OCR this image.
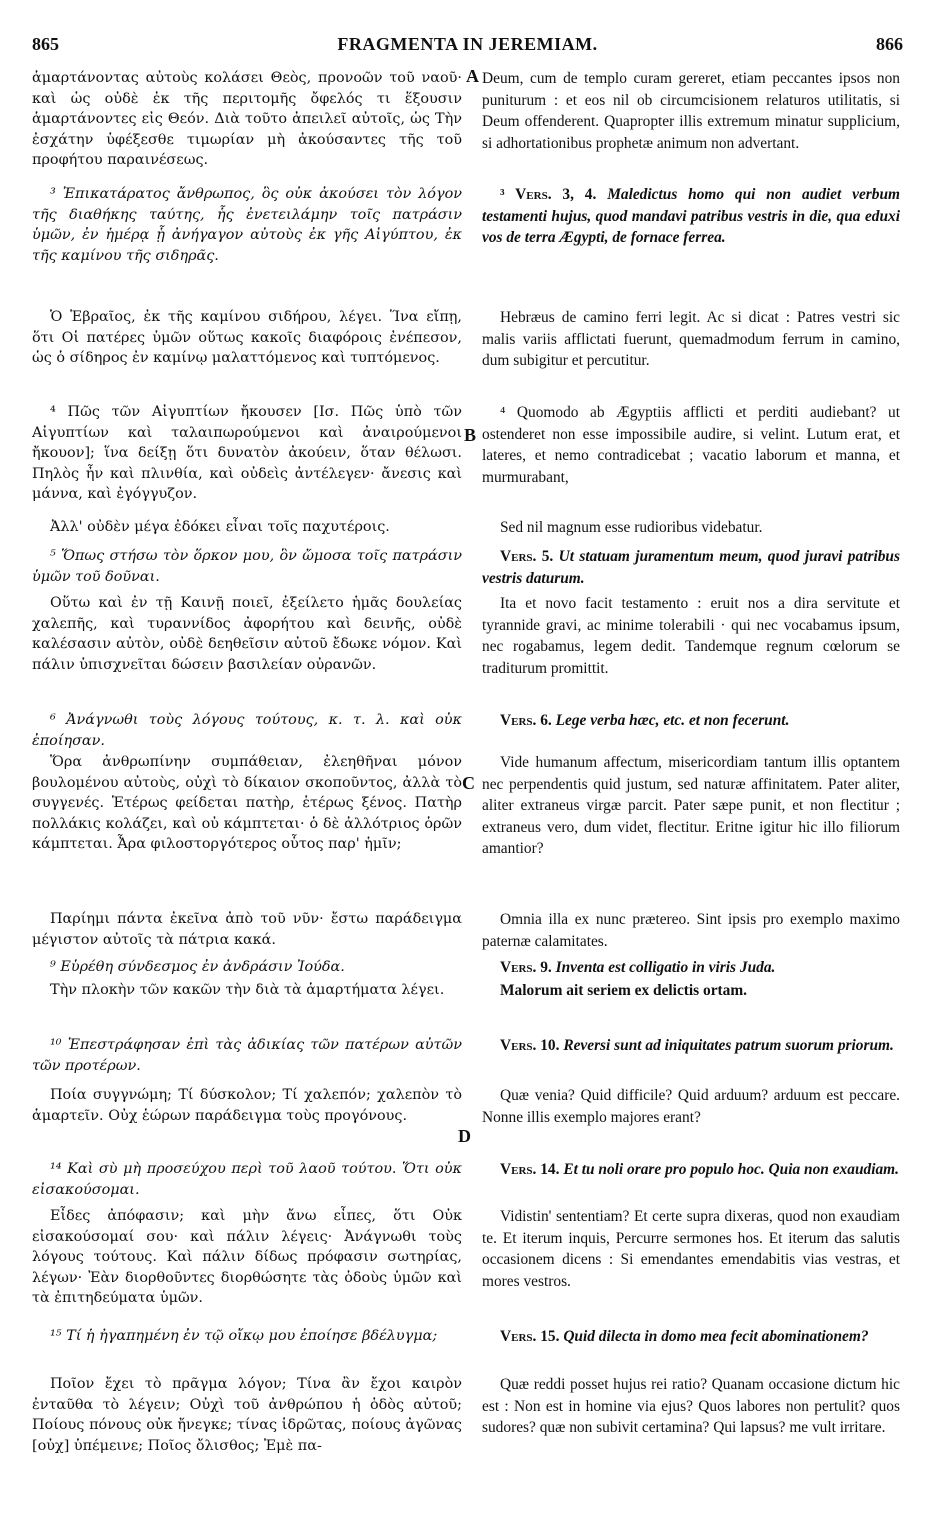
865	FRAGMENTA IN JEREMIAM.	866
A
B
C
D

ἁμαρτάνοντας αὐτοὺς κολάσει Θεὸς, προνοῶν τοῦ ναοῦ· καὶ ὡς οὐδὲ ἐκ τῆς περιτομῆς ὄφελός τι ἕξουσιν ἁμαρτάνοντες εἰς Θεόν. Διὰ τοῦτο ἀπειλεῖ αὐτοῖς, ὡς Τὴν ἐσχάτην ὑφέξεσθε τιμωρίαν μὴ ἀκούσαντες τῆς τοῦ προφήτου παραινέσεως.

³ Ἐπικατάρατος ἄνθρωπος, ὃς οὐκ ἀκούσει τὸν λόγον τῆς διαθήκης ταύτης, ἧς ἐνετειλάμην τοῖς πατράσιν ὑμῶν, ἐν ἡμέρᾳ ᾗ ἀνήγαγον αὐτοὺς ἐκ γῆς Αἰγύπτου, ἐκ τῆς καμίνου τῆς σιδηρᾶς.

Ὁ Ἑβραῖος, ἐκ τῆς καμίνου σιδήρου, λέγει. Ἵνα εἴπῃ, ὅτι Οἱ πατέρες ὑμῶν οὕτως κακοῖς διαφόροις ἐνέπεσον, ὡς ὁ σίδηρος ἐν καμίνῳ μαλαττόμενος καὶ τυπτόμενος.

⁴ Πῶς τῶν Αἰγυπτίων ἤκουσεν [Ισ. Πῶς ὑπὸ τῶν Αἰγυπτίων καὶ ταλαιπωρούμενοι καὶ ἀναιρούμενοι ἤκουον]; ἵνα δείξῃ ὅτι δυνατὸν ἀκούειν, ὅταν θέλωσι. Πηλὸς ἦν καὶ πλινθία, καὶ οὐδεὶς ἀντέλεγεν· ἄνεσις καὶ μάννα, καὶ ἐγόγγυζον.

Ἀλλ' οὐδὲν μέγα ἐδόκει εἶναι τοῖς παχυτέροις.

⁵ Ὅπως στήσω τὸν ὅρκον μου, ὃν ὤμοσα τοῖς πατράσιν ὑμῶν τοῦ δοῦναι.

Οὕτω καὶ ἐν τῇ Καινῇ ποιεῖ, ἐξείλετο ἡμᾶς δουλείας χαλεπῆς, καὶ τυραννίδος ἀφορήτου καὶ δεινῆς, οὐδὲ καλέσασιν αὐτὸν, οὐδὲ δεηθεῖσιν αὐτοῦ ἔδωκε νόμον. Καὶ πάλιν ὑπισχνεῖται δώσειν βασιλείαν οὐρανῶν.

⁶ Ἀνάγνωθι τοὺς λόγους τούτους, κ. τ. λ. καὶ οὐκ ἐποίησαν.

Ὅρα ἀνθρωπίνην συμπάθειαν, ἐλεηθῆναι μόνον βουλομένου αὐτοὺς, οὐχὶ τὸ δίκαιον σκοποῦντος, ἀλλὰ τὸ συγγενές. Ἑτέρως φείδεται πατὴρ, ἑτέρως ξένος. Πατὴρ πολλάκις κολάζει, καὶ οὐ κάμπτεται· ὁ δὲ ἀλλότριος ὁρῶν κάμπτεται. Ἆρα φιλοστοργότερος οὗτος παρ' ἡμῖν;

Παρίημι πάντα ἐκεῖνα ἀπὸ τοῦ νῦν· ἔστω παράδειγμα μέγιστον αὐτοῖς τὰ πάτρια κακά.

⁹ Εὑρέθη σύνδεσμος ἐν ἀνδράσιν Ἰούδα.

Τὴν πλοκὴν τῶν κακῶν τὴν διὰ τὰ ἁμαρτήματα λέγει.

¹⁰ Ἐπεστράφησαν ἐπὶ τὰς ἀδικίας τῶν πατέρων αὐτῶν τῶν προτέρων.

Ποία συγγνώμη; Τί δύσκολον; Τί χαλεπόν; χαλεπὸν τὸ ἁμαρτεῖν. Οὐχ ἑώρων παράδειγμα τοὺς προγόνους.

¹⁴ Καὶ σὺ μὴ προσεύχου περὶ τοῦ λαοῦ τούτου. Ὅτι οὐκ εἰσακούσομαι.

Εἶδες ἀπόφασιν; καὶ μὴν ἄνω εἶπες, ὅτι Οὐκ εἰσακούσομαί σου· καὶ πάλιν λέγεις· Ἀνάγνωθι τοὺς λόγους τούτους. Καὶ πάλιν δίδως πρόφασιν σωτηρίας, λέγων· Ἐὰν διορθοῦντες διορθώσητε τὰς ὁδοὺς ὑμῶν καὶ τὰ ἐπιτηδεύματα ὑμῶν.

¹⁵ Τί ἡ ἠγαπημένη ἐν τῷ οἴκῳ μου ἐποίησε βδέλυγμα;

Ποῖον ἔχει τὸ πρᾶγμα λόγον; Τίνα ἂν ἔχοι καιρὸν ἐνταῦθα τὸ λέγειν; Οὐχὶ τοῦ ἀνθρώπου ἡ ὁδὸς αὐτοῦ; Ποίους πόνους οὐκ ἤνεγκε; τίνας ἱδρῶτας, ποίους ἀγῶνας [οὐχ] ὑπέμεινε; Ποῖος ὄλισθος; Ἐμὲ πα-

Deum, cum de templo curam gereret, etiam peccantes ipsos non puniturum : et eos nil ob circumcisionem relaturos utilitatis, si Deum offenderent. Quapropter illis extremum minatur supplicium, si adhortationibus prophetæ animum non advertant.

³ Vers. 3, 4. Maledictus homo qui non audiet verbum testamenti hujus, quod mandavi patribus vestris in die, qua eduxi vos de terra Ægypti, de fornace ferrea.

Hebræus de camino ferri legit. Ac si dicat : Patres vestri sic malis variis afflictati fuerunt, quemadmodum ferrum in camino, dum subigitur et percutitur.

⁴ Quomodo ab Ægyptiis afflicti et perditi audiebant? ut ostenderet non esse impossibile audire, si velint. Lutum erat, et lateres, et nemo contradicebat ; vacatio laborum et manna, et murmurabant,

Sed nil magnum esse rudioribus videbatur.

Vers. 5. Ut statuam juramentum meum, quod juravi patribus vestris daturum.

Ita et novo facit testamento : eruit nos a dira servitute et tyrannide gravi, ac minime tolerabili · qui nec vocabamus ipsum, nec rogabamus, legem dedit. Tandemque regnum cœlorum se traditurum promittit.

Vers. 6. Lege verba hæc, etc. et non fecerunt.

Vide humanum affectum, misericordiam tantum illis optantem nec perpendentis quid justum, sed naturæ affinitatem. Pater aliter, aliter extraneus virgæ parcit. Pater sæpe punit, et non flectitur ; extraneus vero, dum videt, flectitur. Eritne igitur hic illo filiorum amantior?

Omnia illa ex nunc prætereo. Sint ipsis pro exemplo maximo paternæ calamitates.

Vers. 9. Inventa est colligatio in viris Juda.

Malorum ait seriem ex delictis ortam.

Vers. 10. Reversi sunt ad iniquitates patrum suorum priorum.

Quæ venia? Quid difficile? Quid arduum? arduum est peccare. Nonne illis exemplo majores erant?

Vers. 14. Et tu noli orare pro populo hoc. Quia non exaudiam.

Vidistin' sententiam? Et certe supra dixeras, quod non exaudiam te. Et iterum inquis, Percurre sermones hos. Et iterum das salutis occasionem dicens : Si emendantes emendabitis vias vestras, et mores vestros.

Vers. 15. Quid dilecta in domo mea fecit abominationem?

Quæ reddi posset hujus rei ratio? Quanam occasione dictum hic est : Non est in homine via ejus? Quos labores non pertulit? quos sudores? quæ non subivit certamina? Qui lapsus? me vult irritare.
